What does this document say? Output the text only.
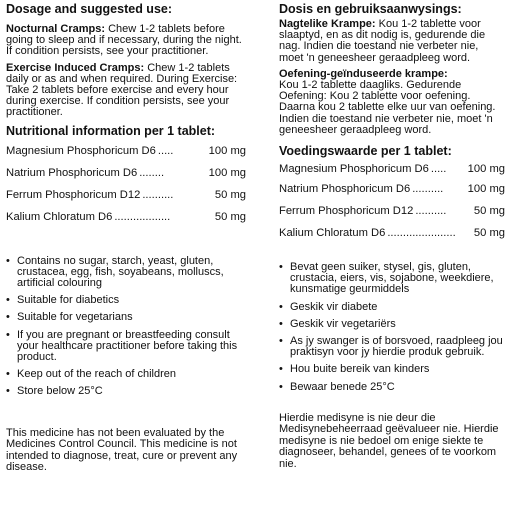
Dosage and suggested use:

Nocturnal Cramps: Chew 1-2 tablets before going to sleep and if necessary, during the night. If condition persists, see your practitioner.

Exercise Induced Cramps: Chew 1-2 tablets daily or as and when required. During Exercise: Take 2 tablets before exercise and every hour during exercise. If condition persists, see your practitioner.

Nutritional information per 1 tablet:
Magnesium Phosphoricum D6 .....	100 mg
Natrium Phosphoricum D6 ........	100 mg
Ferrum Phosphoricum D12 ..........	50 mg
Kalium Chloratum D6 ..................	50 mg
• Contains no sugar, starch, yeast, gluten, crustacea, egg, fish, soyabeans, molluscs, artificial colouring
• Suitable for diabetics
• Suitable for vegetarians
• If you are pregnant or breastfeeding consult your healthcare practitioner before taking this product.
• Keep out of the reach of children
• Store below 25°C

This medicine has not been evaluated by the Medicines Control Council. This medicine is not intended to diagnose, treat, cure or prevent any disease.

Dosis en gebruiksaanwysings:

Nagtelike Krampe: Kou 1-2 tablette voor slaaptyd, en as dit nodig is, gedurende die nag. Indien die toestand nie verbeter nie, moet 'n geneesheer geraadpleeg word.

Oefening-geïnduseerde krampe:
Kou 1-2 tablette daagliks. Gedurende Oefening: Kou 2 tablette voor oefening. Daarna kou 2 tablette elke uur van oefening. Indien die toestand nie verbeter nie, moet 'n geneesheer geraadpleeg word.

Voedingswaarde per 1 tablet:
Magnesium Phosphoricum D6 .....	100 mg
Natrium Phosphoricum D6 ..........	100 mg
Ferrum Phosphoricum D12 ..........	50 mg
Kalium Chloratum D6 ......................	50 mg
• Bevat geen suiker, stysel, gis, gluten, crustacia, eiers, vis, sojabone, weekdiere, kunsmatige geurmiddels
• Geskik vir diabete
• Geskik vir vegetariërs
• As jy swanger is of borsvoed, raadpleeg jou praktisyn voor jy hierdie produk gebruik.
• Hou buite bereik van kinders
• Bewaar benede 25°C

Hierdie medisyne is nie deur die Medisynebeheerraad geëvalueer nie. Hierdie medisyne is nie bedoel om enige siekte te diagnoseer, behandel, genees of te voorkom nie.
